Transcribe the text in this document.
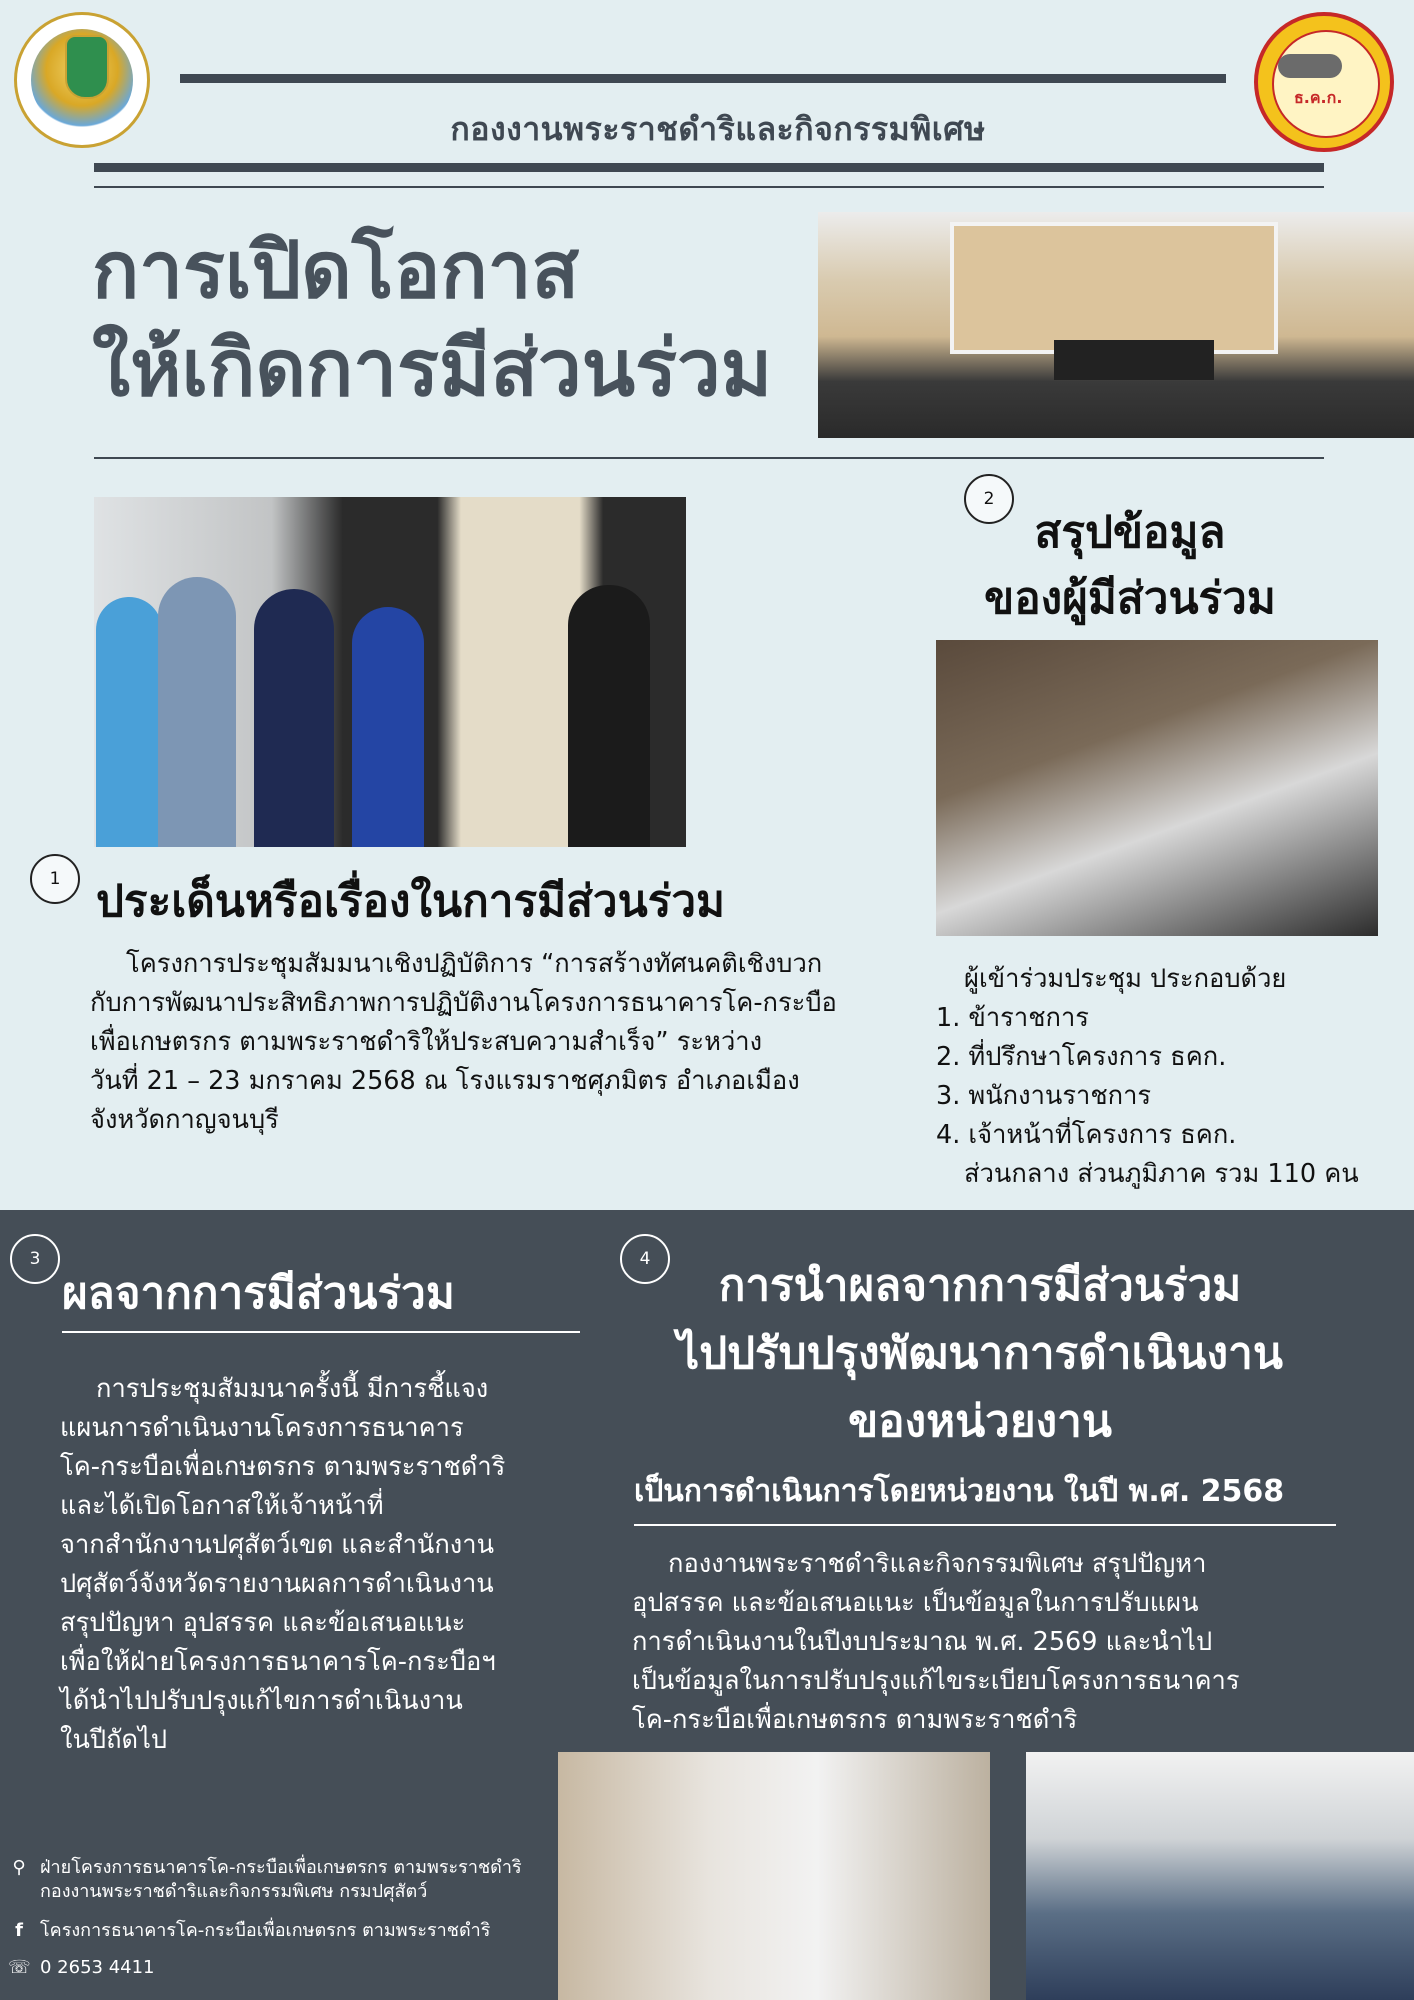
ธ.ค.ก.
กองงานพระราชดำริและกิจกรรมพิเศษ
การเปิดโอกาส
ให้เกิดการมีส่วนร่วม
1 ประเด็นหรือเรื่องในการมีส่วนร่วม
โครงการประชุมสัมมนาเชิงปฏิบัติการ “การสร้างทัศนคติเชิงบวก
กับการพัฒนาประสิทธิภาพการปฏิบัติงานโครงการธนาคารโค-กระบือ
เพื่อเกษตรกร ตามพระราชดำริให้ประสบความสำเร็จ” ระหว่าง
วันที่ 21 – 23 มกราคม 2568 ณ โรงแรมราชศุภมิตร อำเภอเมือง
จังหวัดกาญจนบุรี
2
สรุปข้อมูล
ของผู้มีส่วนร่วม
ผู้เข้าร่วมประชุม ประกอบด้วย
1. ข้าราชการ
2. ที่ปรึกษาโครงการ ธคก.
3. พนักงานราชการ
4. เจ้าหน้าที่โครงการ ธคก.
ส่วนกลาง ส่วนภูมิภาค รวม 110 คน
3
ผลจากการมีส่วนร่วม
การประชุมสัมมนาครั้งนี้ มีการชี้แจง
แผนการดำเนินงานโครงการธนาคาร
โค-กระบือเพื่อเกษตรกร ตามพระราชดำริ
และได้เปิดโอกาสให้เจ้าหน้าที่
จากสำนักงานปศุสัตว์เขต และสำนักงาน
ปศุสัตว์จังหวัดรายงานผลการดำเนินงาน
สรุปปัญหา อุปสรรค และข้อเสนอแนะ
เพื่อให้ฝ่ายโครงการธนาคารโค-กระบือฯ
ได้นำไปปรับปรุงแก้ไขการดำเนินงาน
ในปีถัดไป
4
การนำผลจากการมีส่วนร่วม
ไปปรับปรุงพัฒนาการดำเนินงาน
ของหน่วยงาน
เป็นการดำเนินการโดยหน่วยงาน ในปี พ.ศ. 2568
กองงานพระราชดำริและกิจกรรมพิเศษ สรุปปัญหา
อุปสรรค และข้อเสนอแนะ เป็นข้อมูลในการปรับแผน
การดำเนินงานในปีงบประมาณ พ.ศ. 2569 และนำไป
เป็นข้อมูลในการปรับปรุงแก้ไขระเบียบโครงการธนาคาร
โค-กระบือเพื่อเกษตรกร ตามพระราชดำริ
⚲ ฝ่ายโครงการธนาคารโค-กระบือเพื่อเกษตรกร ตามพระราชดำริ
กองงานพระราชดำริและกิจกรรมพิเศษ กรมปศุสัตว์
f โครงการธนาคารโค-กระบือเพื่อเกษตรกร ตามพระราชดำริ
☏ 0 2653 4411
